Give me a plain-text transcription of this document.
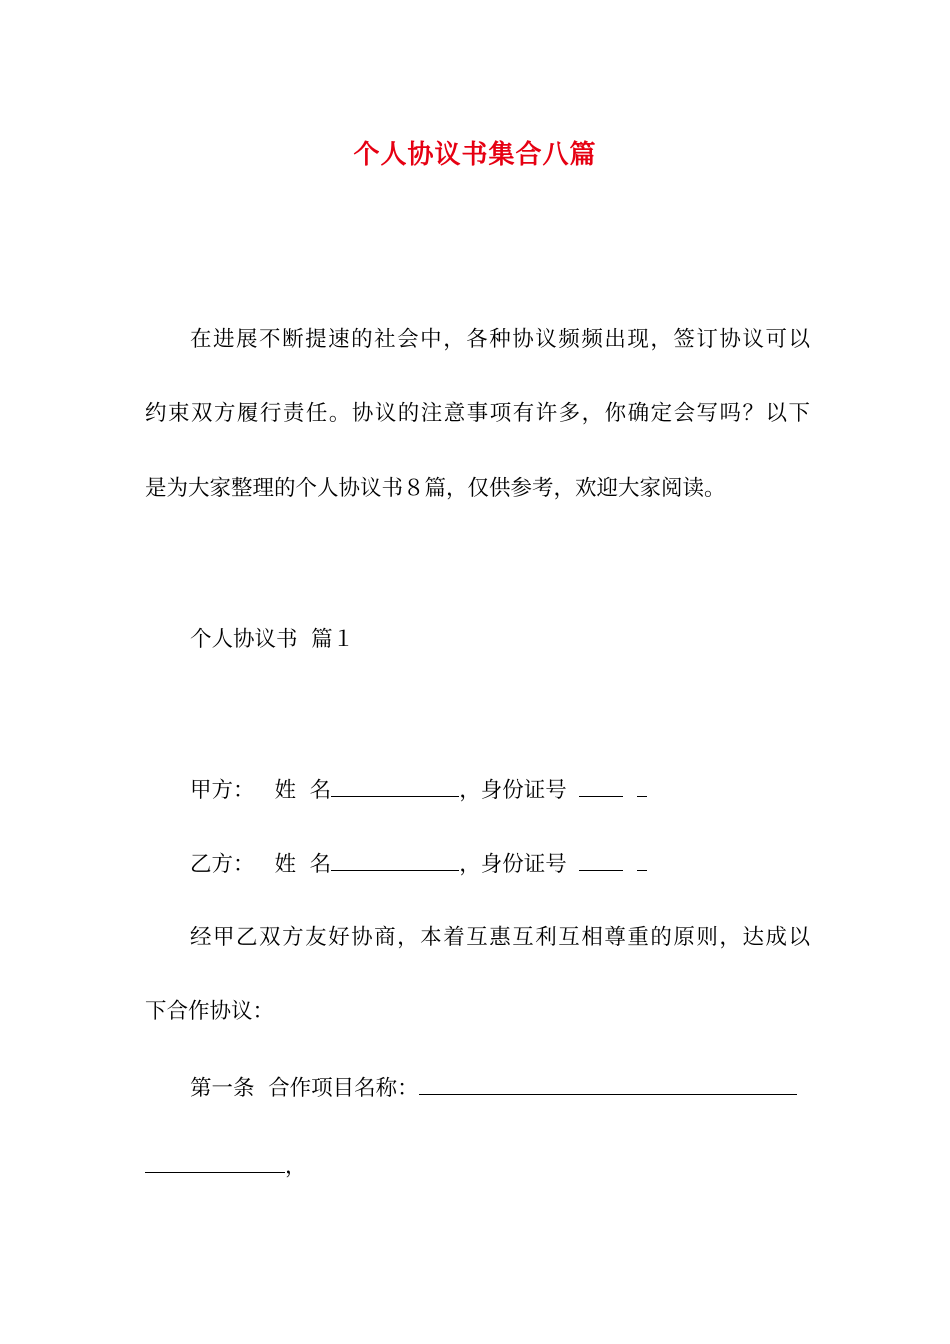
个人协议书集合八篇
在进展不断提速的社会中，各种协议频频出现，签订协议可以
约束双方履行责任。协议的注意事项有许多，你确定会写吗？以下
是为大家整理的个人协议书８篇，仅供参考，欢迎大家阅读。
个人协议书  篇１
甲方： 姓  名	，身份证号
乙方： 姓  名	，身份证号
经甲乙双方友好协商，本着互惠互利互相尊重的原则，达成以
下合作协议：
第一条  合作项目名称：
，
